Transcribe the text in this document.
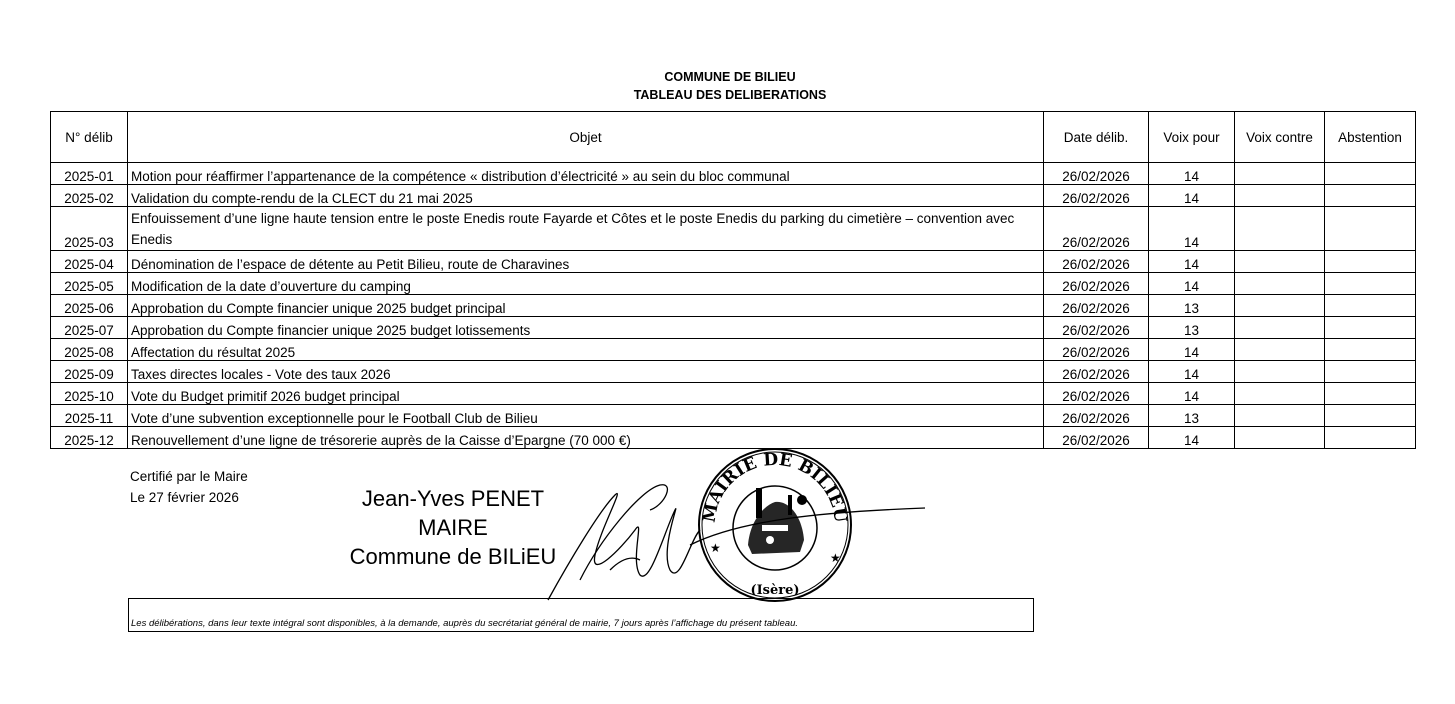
COMMUNE DE BILIEU
TABLEAU DES DELIBERATIONS
N° délib	Objet	Date délib.	Voix pour	Voix contre	Abstention
2025-01	Motion pour réaffirmer l’appartenance de la compétence « distribution d’électricité » au sein du bloc communal	26/02/2026	14		
2025-02	Validation du compte-rendu de la CLECT du 21 mai 2025	26/02/2026	14		
2025-03	Enfouissement d’une ligne haute tension entre le poste Enedis route Fayarde et Côtes et le poste Enedis du parking du cimetière – convention avec Enedis	26/02/2026	14		
2025-04	Dénomination de l’espace de détente au Petit Bilieu, route de Charavines	26/02/2026	14		
2025-05	Modification de la date d’ouverture du camping	26/02/2026	14		
2025-06	Approbation du Compte financier unique 2025 budget principal	26/02/2026	13		
2025-07	Approbation du Compte financier unique 2025 budget lotissements	26/02/2026	13		
2025-08	Affectation du résultat 2025	26/02/2026	14		
2025-09	Taxes directes locales - Vote des taux 2026	26/02/2026	14		
2025-10	Vote du Budget primitif 2026 budget principal	26/02/2026	14		
2025-11	Vote d’une subvention exceptionnelle pour le Football Club de Bilieu	26/02/2026	13		
2025-12	Renouvellement d’une ligne de trésorerie auprès de la Caisse d’Epargne (70 000 €)	26/02/2026	14		
Certifié par le Maire
Le 27 février 2026	Jean-Yves PENET
MAIRE
Commune de BILiEU
MAIRIE DE BILIEU
(Isère)
★
★
Les délibérations, dans leur texte intégral sont disponibles, à la demande, auprès du secrétariat général de mairie, 7 jours après l’affichage du présent tableau.
